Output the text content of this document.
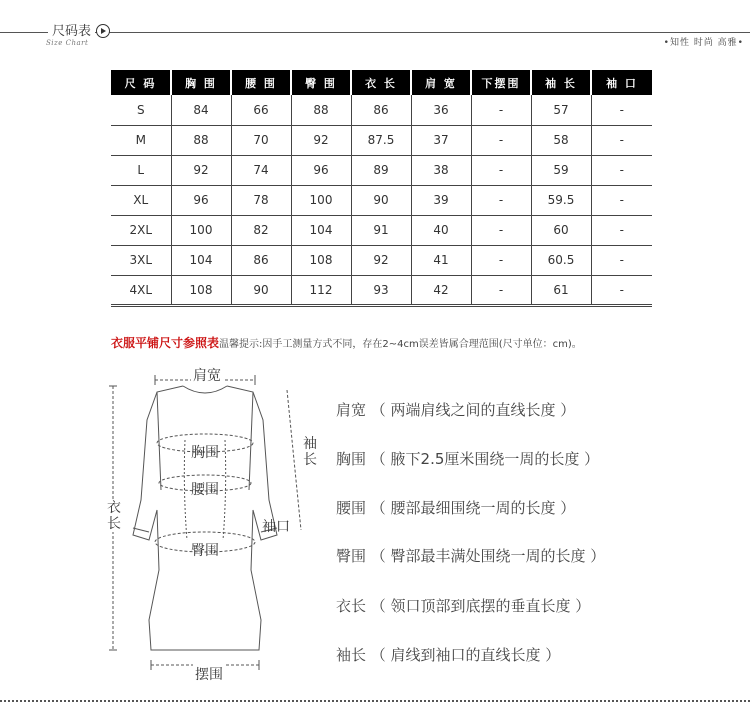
尺码表
Size Chart	•知性 时尚 高雅•
尺 码	胸 围	腰 围	臀 围	衣 长	肩 宽	下摆围	袖 长	袖 口
S	84	66	88	86	36	-	57	-
M	88	70	92	87.5	37	-	58	-
L	92	74	96	89	38	-	59	-
XL	96	78	100	90	39	-	59.5	-
2XL	100	82	104	91	40	-	60	-
3XL	104	86	108	92	41	-	60.5	-
4XL	108	90	112	93	42	-	61	-
衣服平铺尺寸参照表温馨提示:因手工测量方式不同，存在2~4cm误差皆属合理范围(尺寸单位：cm)。
肩宽
胸围
腰围
臀围
衣长
袖长
袖口
摆围
肩宽 （ 两端肩线之间的直线长度 ）
胸围 （ 腋下2.5厘米围绕一周的长度 ）
腰围 （ 腰部最细围绕一周的长度 ）
臀围 （ 臀部最丰满处围绕一周的长度 ）
衣长 （ 领口顶部到底摆的垂直长度 ）
袖长 （ 肩线到袖口的直线长度 ）
